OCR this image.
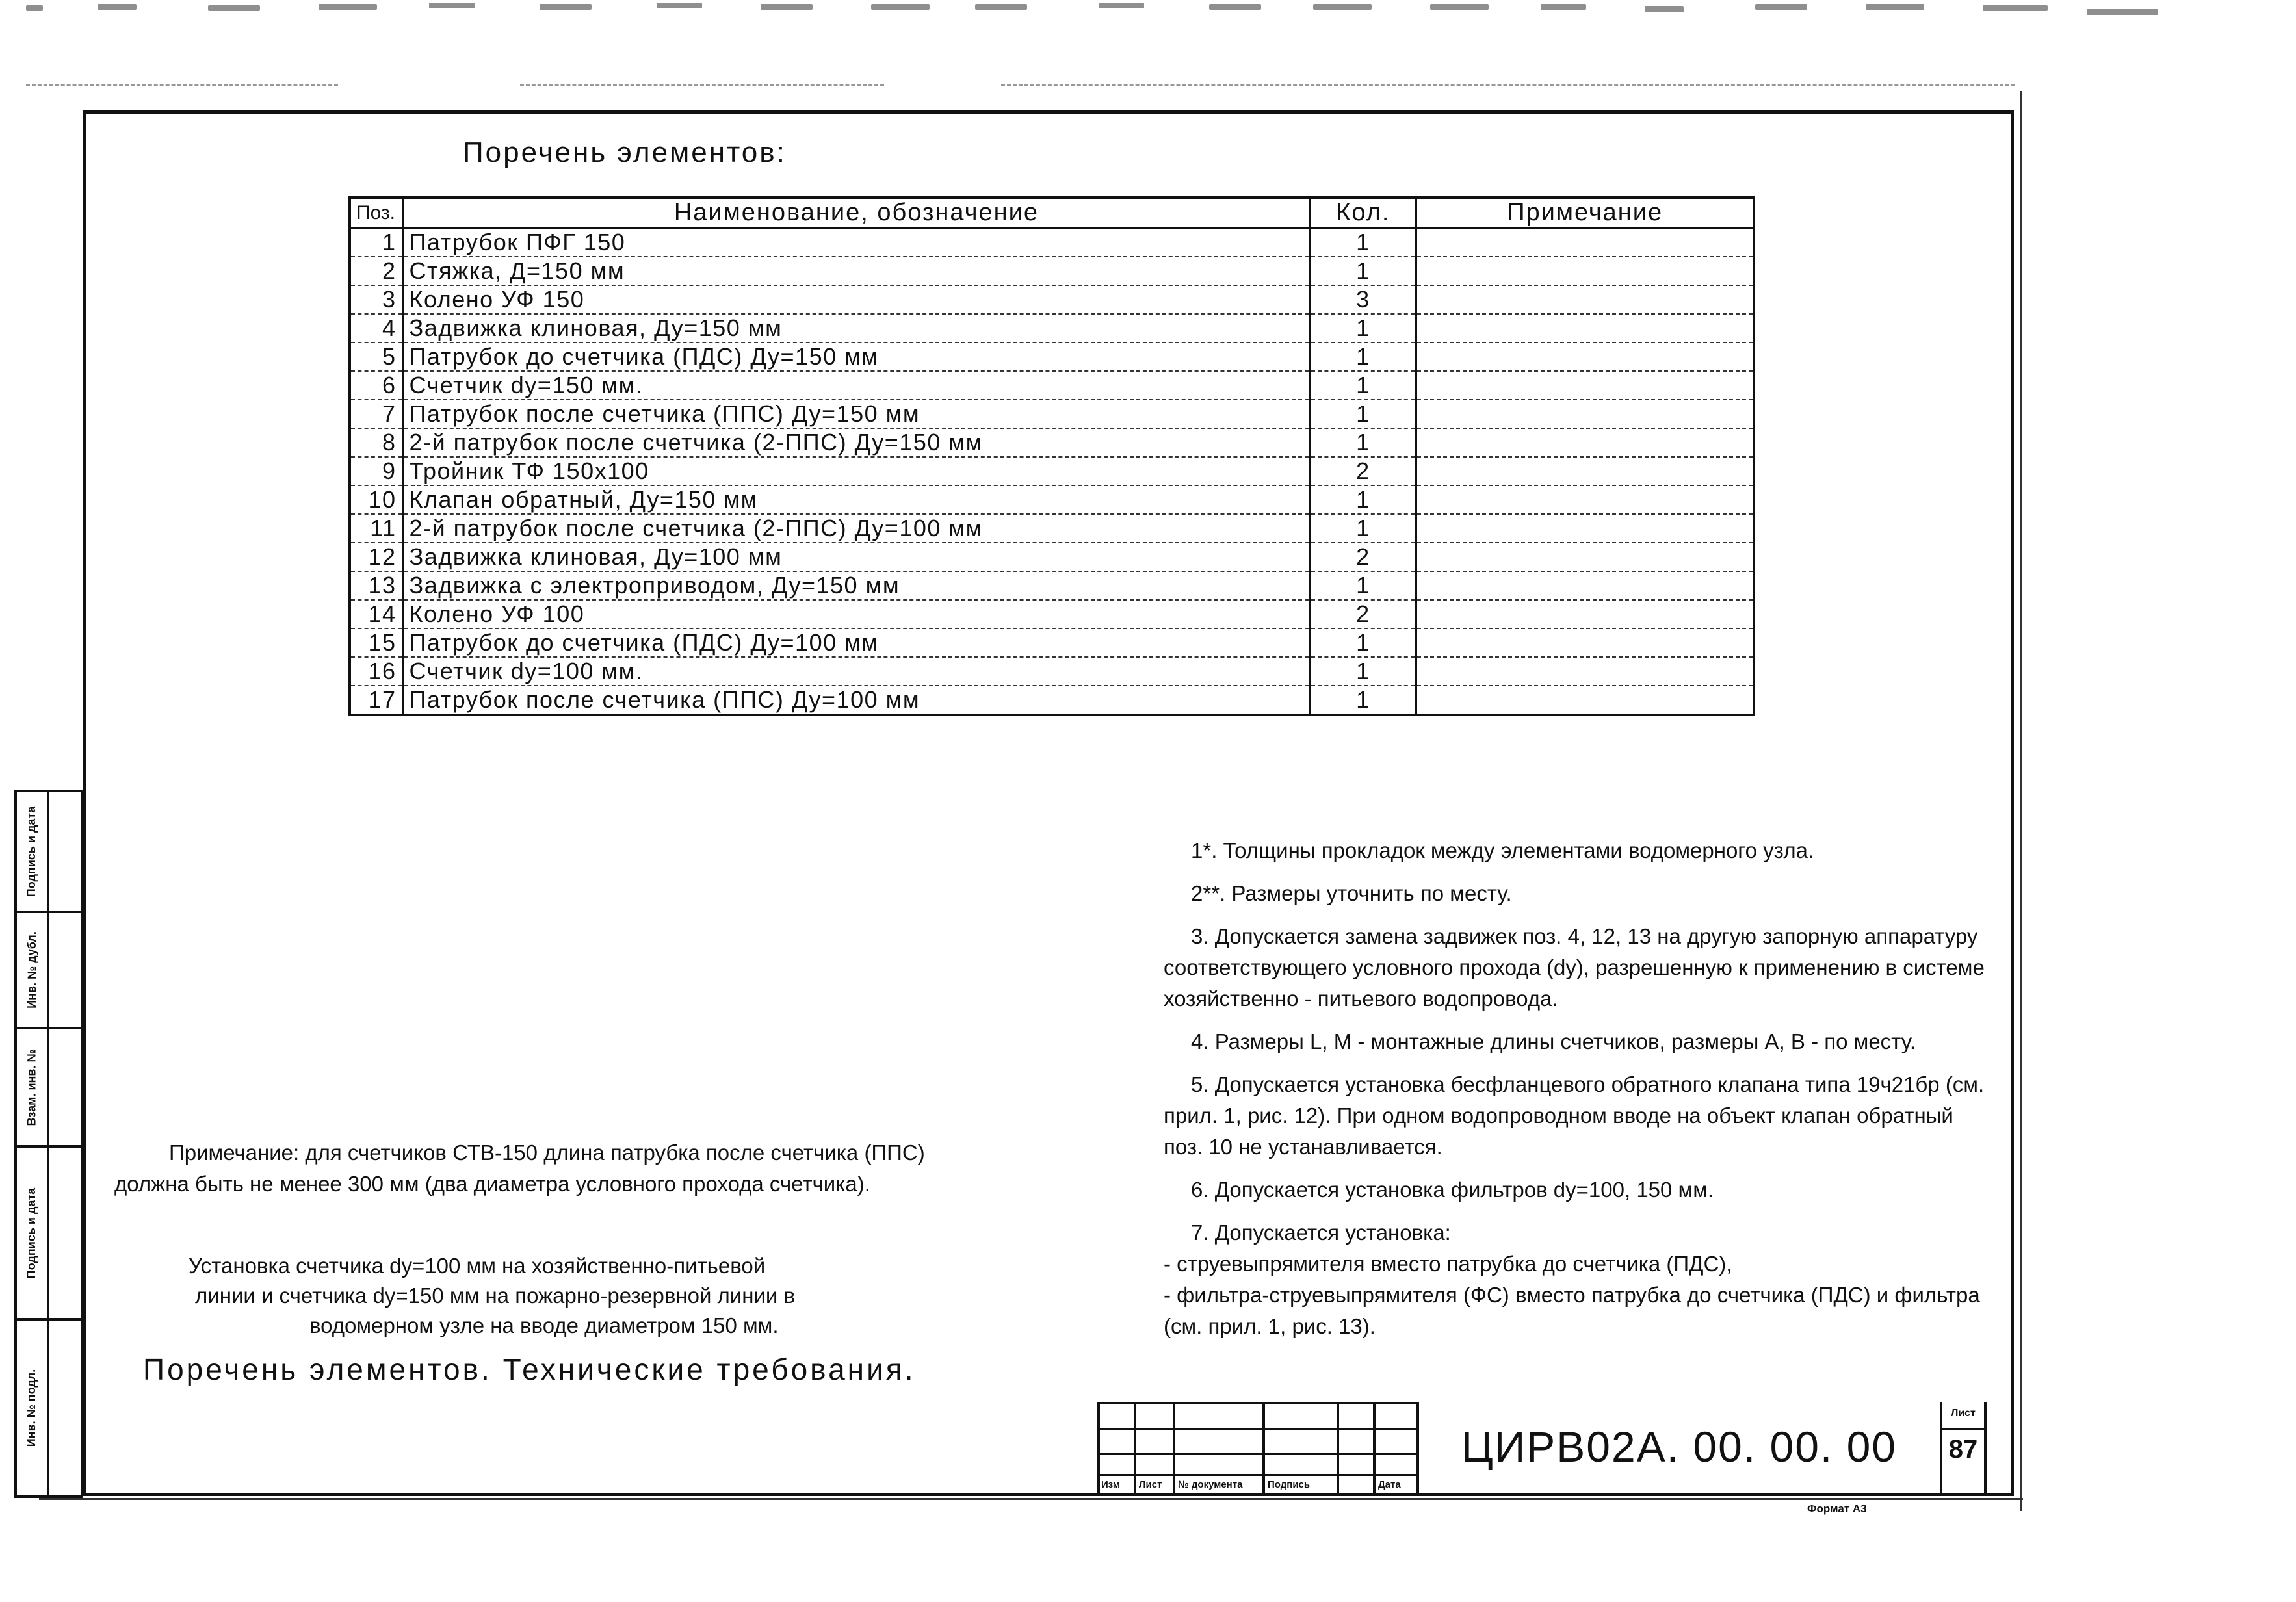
Подпись и дата
Инв. № дубл.
Взам. инв. №
Подпись и дата
Инв. № подл.
Поречень элементов:
Поз.	Наименование, обозначение	Кол.	Примечание
1	Патрубок ПФГ 150	1	
2	Стяжка, Д=150 мм	1	
3	Колено УФ 150	3	
4	Задвижка клиновая, Ду=150 мм	1	
5	Патрубок до счетчика (ПДС) Ду=150 мм	1	
6	Счетчик dy=150 мм.	1	
7	Патрубок после счетчика (ППС) Ду=150 мм	1	
8	2-й патрубок после счетчика (2-ППС) Ду=150 мм	1	
9	Тройник ТФ 150х100	2	
10	Клапан обратный, Ду=150 мм	1	
11	2-й патрубок после счетчика (2-ППС) Ду=100 мм	1	
12	Задвижка клиновая, Ду=100 мм	2	
13	Задвижка с электроприводом, Ду=150 мм	1	
14	Колено УФ 100	2	
15	Патрубок до счетчика (ПДС) Ду=100 мм	1	
16	Счетчик dy=100 мм.	1	
17	Патрубок после счетчика (ППС) Ду=100 мм	1	

1*. Толщины прокладок между элементами водомерного узла.

2**. Размеры уточнить по месту.

3. Допускается замена задвижек поз. 4, 12, 13 на другую запорную аппаратуру соответствующего условного прохода (dy), разрешенную к применению в системе хозяйственно - питьевого водопровода.

4. Размеры L, M - монтажные длины счетчиков, размеры A, B - по месту.

5. Допускается установка бесфланцевого обратного клапана типа 19ч21бр (см. прил. 1, рис. 12). При одном водопроводном вводе на объект клапан обратный поз. 10 не устанавливается.

6. Допускается установка фильтров dy=100, 150 мм.

7. Допускается установка:

- струевыпрямителя вместо патрубка до счетчика (ПДС),

- фильтра-струевыпрямителя (ФС) вместо патрубка до счетчика (ПДС) и фильтра (см. прил. 1, рис. 13).

Примечание: для счетчиков СТВ-150 длина патрубка после счетчика (ППС)
должна быть не менее 300 мм (два диаметра условного прохода счетчика).
Установка счетчика dy=100 мм на хозяйственно-питьевой
линии и счетчика dy=150 мм на пожарно-резервной линии в
водомерном узле на вводе диаметром 150 мм.
Поречень элементов. Технические требования.
Изм Лист № документа	Подпись	Дата
ЦИРВ02А. 00. 00. 00
Лист
87
Формат А3
